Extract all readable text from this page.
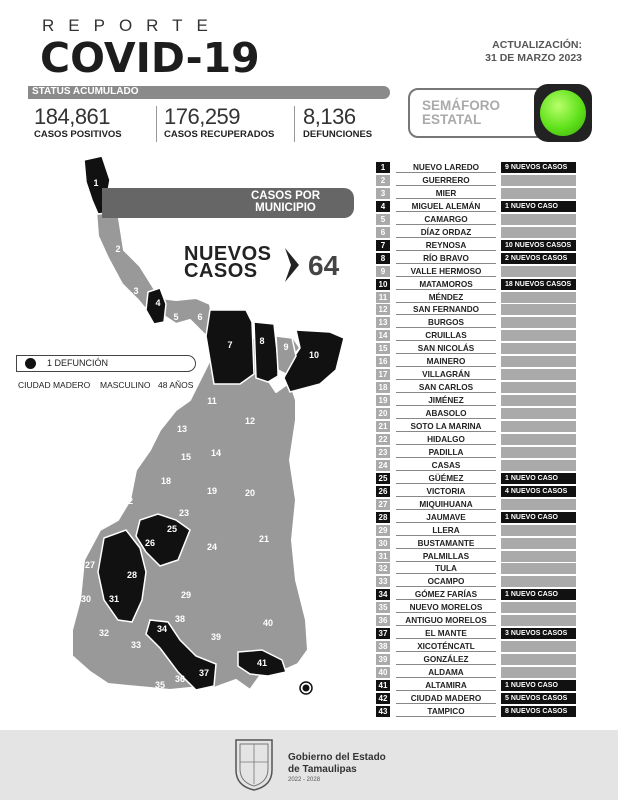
REPORTE
COVID-19	ACTUALIZACIÓN:
31 DE MARZO 2023
STATUS ACUMULADO
184,861
CASOS POSITIVOS
176,259
CASOS RECUPERADOS
8,136
DEFUNCIONES
SEMÁFORO
ESTATAL
1
2
3
4
5 6
7	8
9
10
11
12
13
14
15
16 17
18
19	20
21
22
23
24
25
26
27
28
29
30 31
32
33
34
35
36
37
38
39
40
41
42
43
CASOS POR
MUNICIPIO
NUEVOS
CASOS	64
1 DEFUNCIÓN
CIUDAD MADERO MASCULINO 48 AÑOS
1	NUEVO LAREDO	9 NUEVOS CASOS
2	GUERRERO
3	MIER
4	MIGUEL ALEMÁN	1 NUEVO CASO
5	CAMARGO
6	DÍAZ ORDAZ
7	REYNOSA	10 NUEVOS CASOS
8	RÍO BRAVO	2 NUEVOS CASOS
9	VALLE HERMOSO
10	MATAMOROS	18 NUEVOS CASOS
11	MÉNDEZ
12	SAN FERNANDO
13	BURGOS
14	CRUILLAS
15	SAN NICOLÁS
16	MAINERO
17	VILLAGRÁN
18	SAN CARLOS
19	JIMÉNEZ
20	ABASOLO
21	SOTO LA MARINA
22	HIDALGO
23	PADILLA
24	CASAS
25	GÜÉMEZ	1 NUEVO CASO
26	VICTORIA	4 NUEVOS CASOS
27	MIQUIHUANA
28	JAUMAVE	1 NUEVO CASO
29	LLERA
30	BUSTAMANTE
31	PALMILLAS
32	TULA
33	OCAMPO
34	GÓMEZ FARÍAS	1 NUEVO CASO
35	NUEVO MORELOS
36	ANTIGUO MORELOS
37	EL MANTE	3 NUEVOS CASOS
38	XICOTÉNCATL
39	GONZÁLEZ
40	ALDAMA
41	ALTAMIRA	1 NUEVO CASO
42	CIUDAD MADERO	5 NUEVOS CASOS
43	TAMPICO	8 NUEVOS CASOS
Gobierno del Estado
de Tamaulipas
2022 - 2028
